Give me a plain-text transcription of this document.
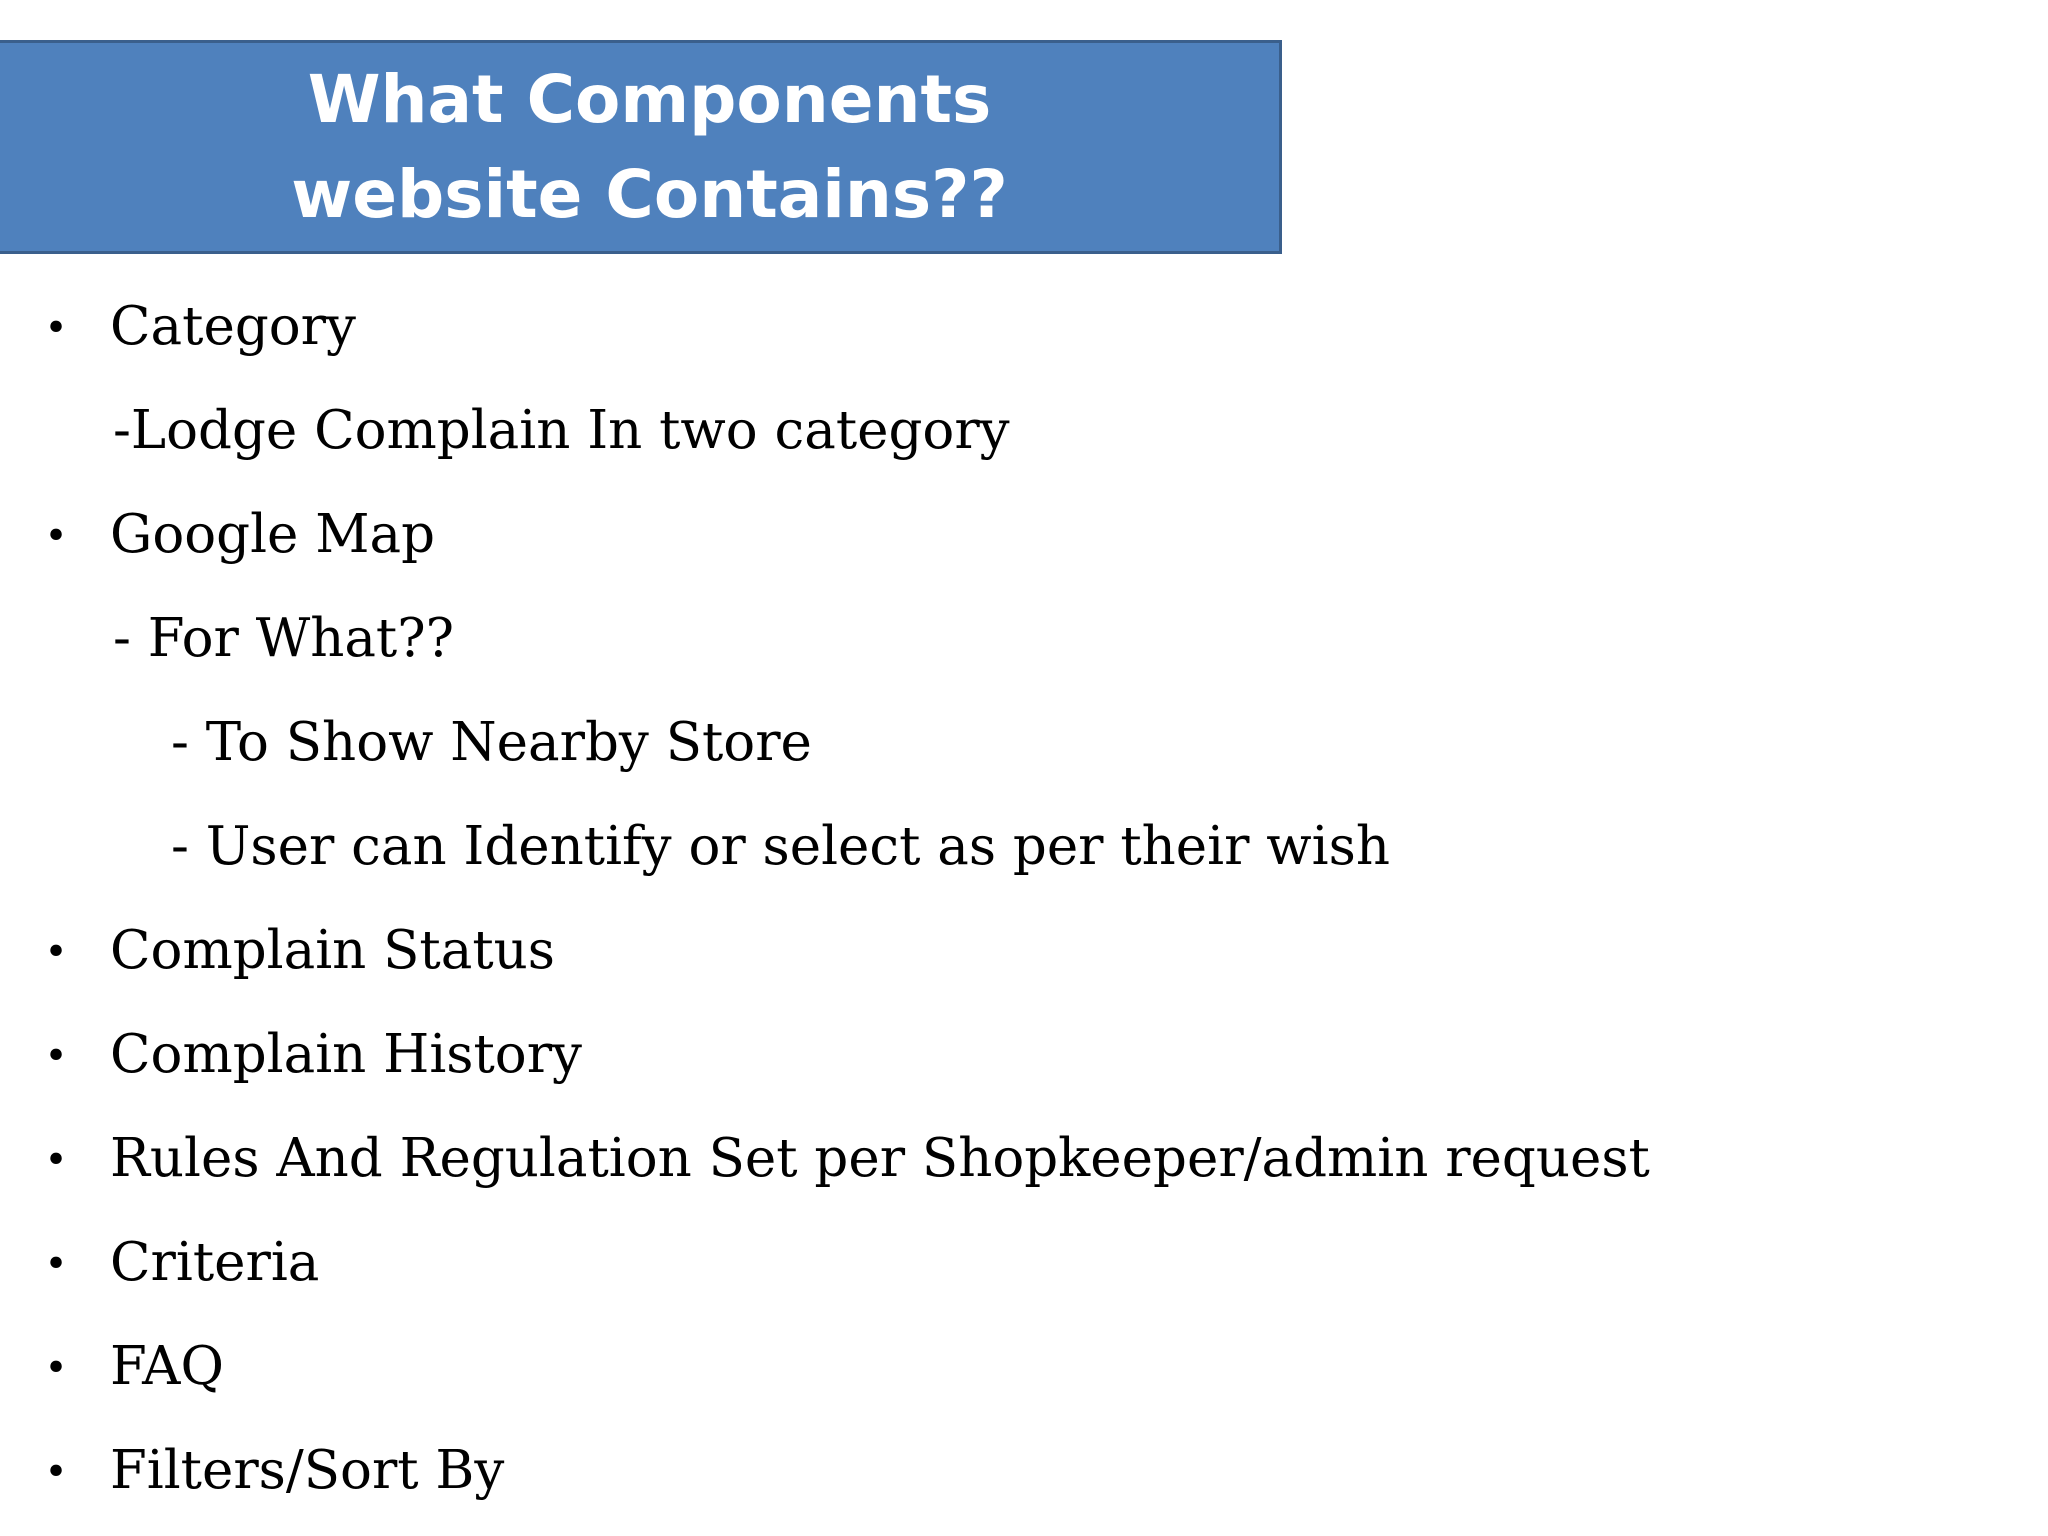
What Components website Contains??
• Category
-Lodge Complain In two category
• Google Map
- For What??
- To Show Nearby Store
- User can Identify or select as per their wish
• Complain Status
• Complain History
• Rules And Regulation Set per Shopkeeper/admin request
• Criteria
• FAQ
• Filters/Sort By
